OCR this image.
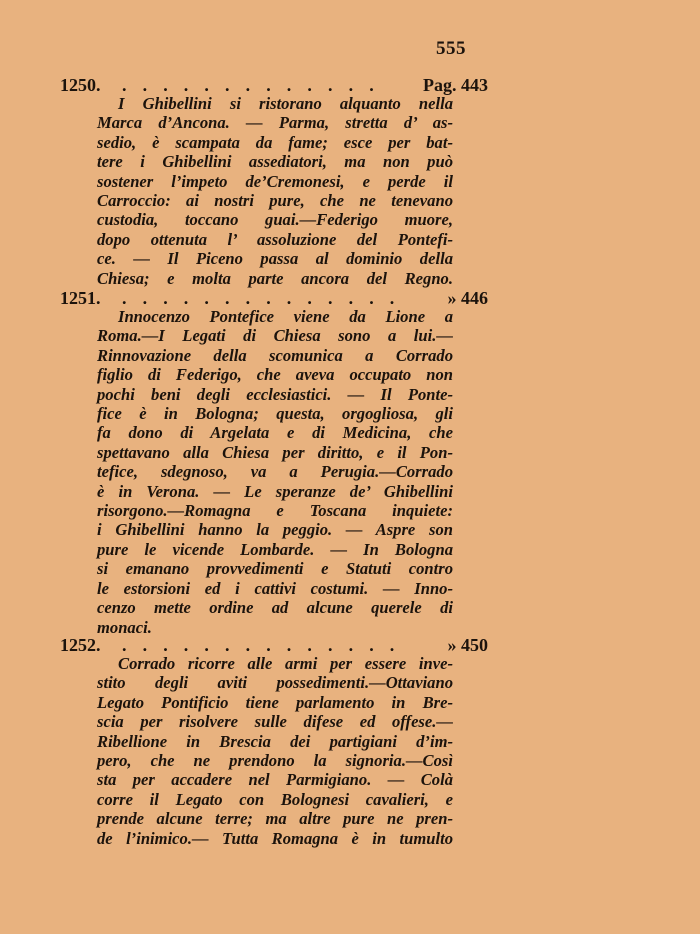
555
1250. . . . . . . . . . . . . . Pag. 443
I Ghibellini si ristorano alquanto nella
Marca d’Ancona. — Parma, stretta d’ as-
sedio, è scampata da fame; esce per bat-
tere i Ghibellini assediatori, ma non può
sostener l’impeto de’Cremonesi, e perde il
Carroccio: ai nostri pure, che ne tenevano
custodia, toccano guai.—Federigo muore,
dopo ottenuta l’ assoluzione del Pontefi-
ce. — Il Piceno passa al dominio della
Chiesa; e molta parte ancora del Regno.
1251. . . . . . . . . . . . . . .	» 446
Innocenzo Pontefice viene da Lione a
Roma.—I Legati di Chiesa sono a lui.—
Rinnovazione della scomunica a Corrado
figlio di Federigo, che aveva occupato non
pochi beni degli ecclesiastici. — Il Ponte-
fice è in Bologna; questa, orgogliosa, gli
fa dono di Argelata e di Medicina, che
spettavano alla Chiesa per diritto, e il Pon-
tefice, sdegnoso, va a Perugia.—Corrado
è in Verona. — Le speranze de’ Ghibellini
risorgono.—Romagna e Toscana inquiete:
i Ghibellini hanno la peggio. — Aspre son
pure le vicende Lombarde. — In Bologna
si emanano provvedimenti e Statuti contro
le estorsioni ed i cattivi costumi. — Inno-
cenzo mette ordine ad alcune querele di
monaci.
1252. . . . . . . . . . . . . . .	» 450
Corrado ricorre alle armi per essere inve-
stito degli aviti possedimenti.—Ottaviano
Legato Pontificio tiene parlamento in Bre-
scia per risolvere sulle difese ed offese.—
Ribellione in Brescia dei partigiani d’im-
pero, che ne prendono la signoria.—Così
sta per accadere nel Parmigiano. — Colà
corre il Legato con Bolognesi cavalieri, e
prende alcune terre; ma altre pure ne pren-
de l’inimico.— Tutta Romagna è in tumulto
